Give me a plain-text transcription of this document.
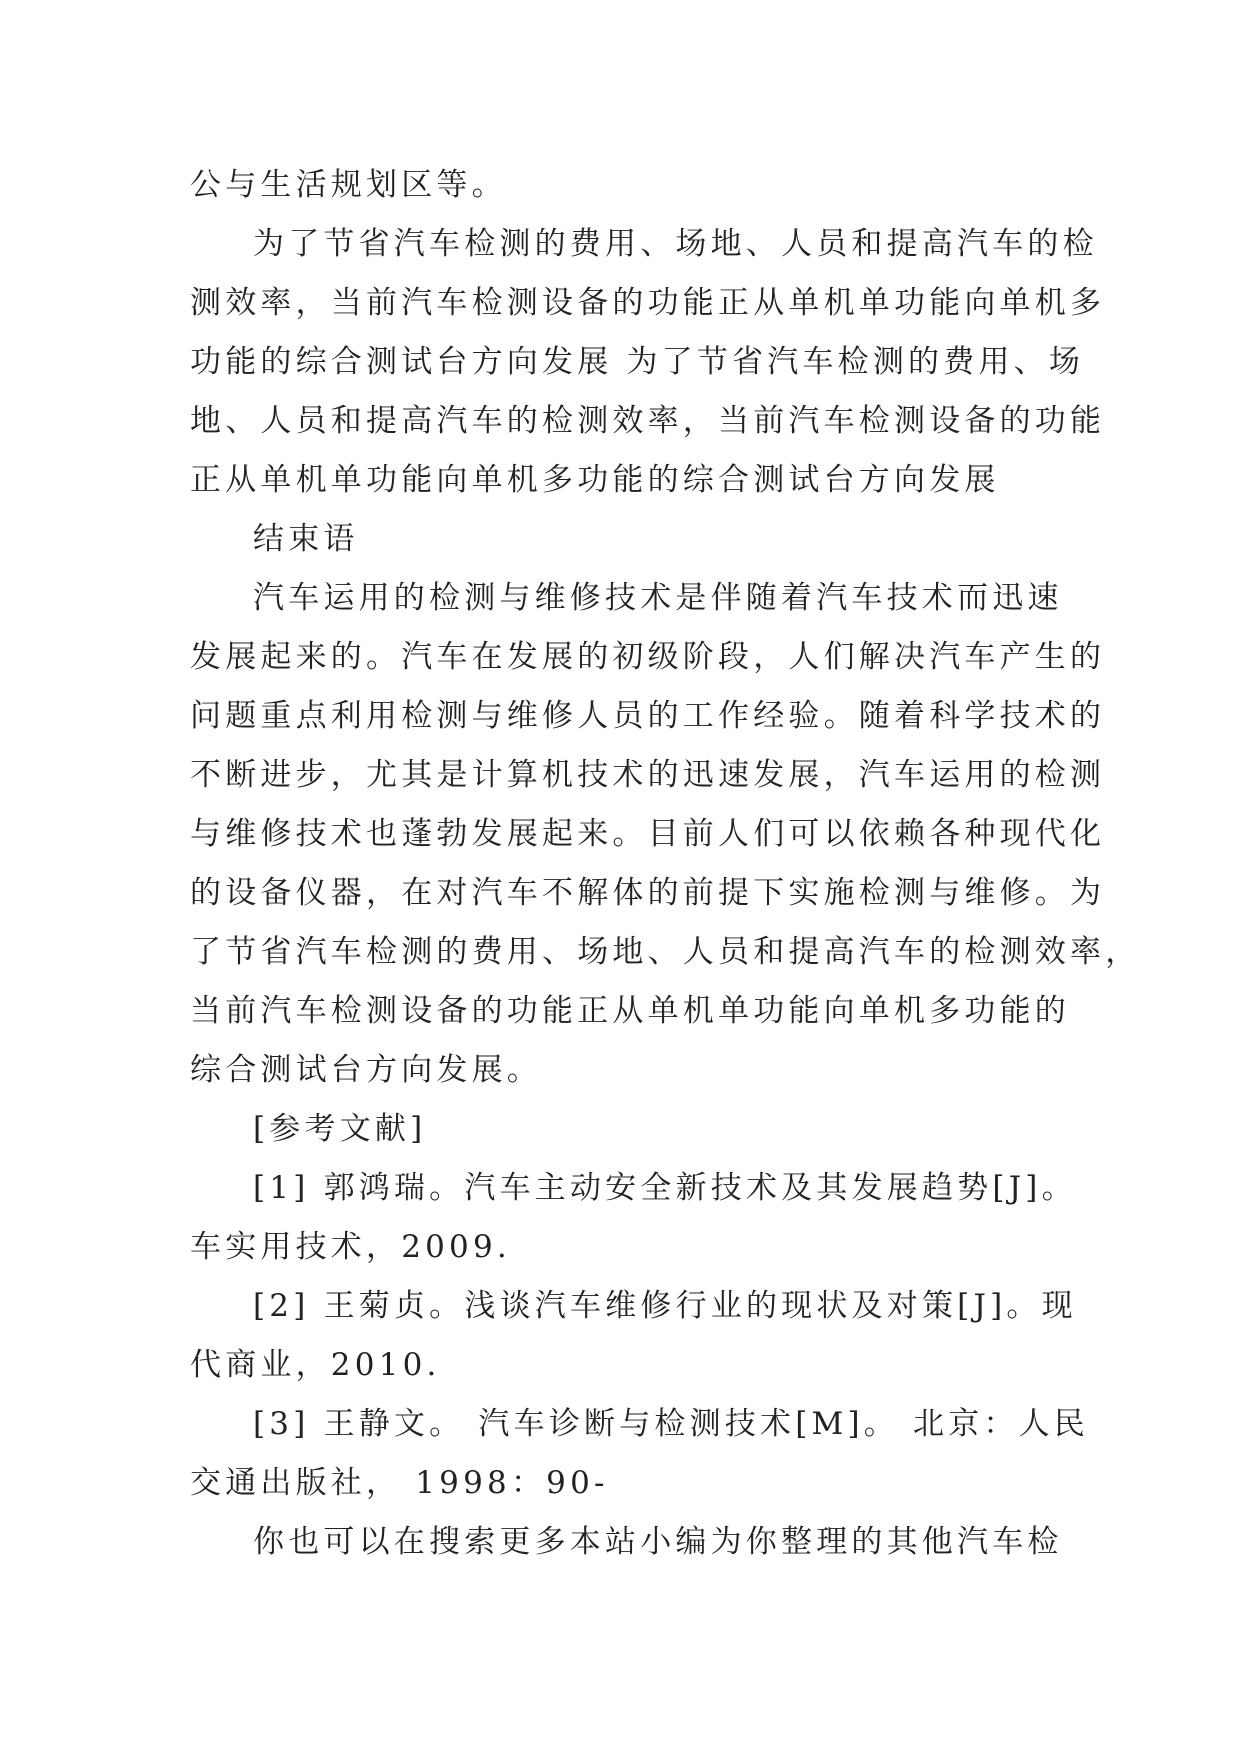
公与生活规划区等。
为了节省汽车检测的费用、场地、人员和提高汽车的检
测效率，当前汽车检测设备的功能正从单机单功能向单机多
功能的综合测试台方向发展 为了节省汽车检测的费用、场
地、人员和提高汽车的检测效率，当前汽车检测设备的功能
正从单机单功能向单机多功能的综合测试台方向发展
结束语
汽车运用的检测与维修技术是伴随着汽车技术而迅速
发展起来的。汽车在发展的初级阶段，人们解决汽车产生的
问题重点利用检测与维修人员的工作经验。随着科学技术的
不断进步，尤其是计算机技术的迅速发展，汽车运用的检测
与维修技术也蓬勃发展起来。目前人们可以依赖各种现代化
的设备仪器，在对汽车不解体的前提下实施检测与维修。为
了节省汽车检测的费用、场地、人员和提高汽车的检测效率，
当前汽车检测设备的功能正从单机单功能向单机多功能的
综合测试台方向发展。
[参考文献]
[1] 郭鸿瑞。汽车主动安全新技术及其发展趋势[J]。
车实用技术，2009.
[2] 王菊贞。浅谈汽车维修行业的现状及对策[J]。现
代商业，2010.
[3] 王静文。 汽车诊断与检测技术[M]。 北京：人民
交通出版社， 1998：90-
你也可以在搜索更多本站小编为你整理的其他汽车检
